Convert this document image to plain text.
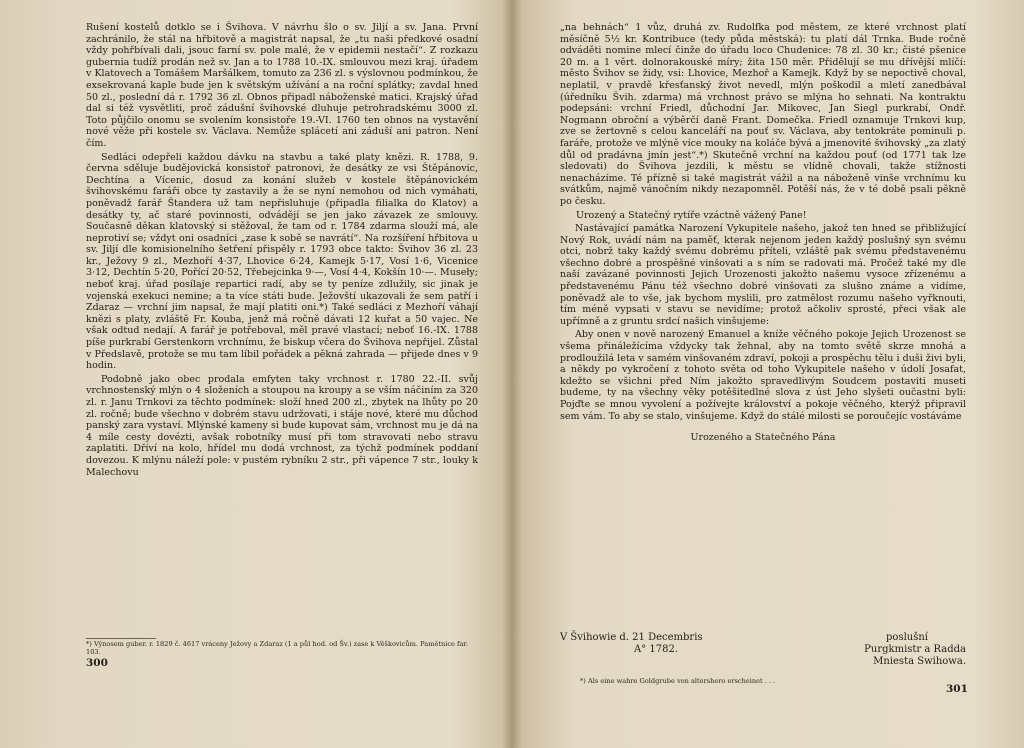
Rušení kostelů dotklo se i Švihova. V návrhu šlo o sv. Jiljí a sv. Jana. První zachránilo, že stál na hřbitově a magistrát napsal, že „tu naši předkové osadní vždy pohřbívali dali, jsouc farní sv. pole malé, že v epidemii nestačí“. Z rozkazu gubernia tudíž prodán než sv. Jan a to 1788 10.-IX. smlouvou mezi kraj. úřadem v Klatovech a Tomášem Maršálkem, tomuto za 236 zl. s výslovnou podmínkou, že exsekrovaná kaple bude jen k světským užívání a na roční splátky; zavdal hned 50 zl., poslední dá r. 1792 36 zl. Obnos připadl náboženské matici. Krajský úřad dal si též vysvětliti, proč zádušní švihovské dluhuje petrohradskému 3000 zl. Toto půjčilo onomu se svolením konsistoře 19.-VI. 1760 ten obnos na vystavění nové věže při kostele sv. Václava. Nemůže splácetí ani záduší ani patron. Není čím.

Sedláci odepřeli každou dávku na stavbu a také platy knězi. R. 1788, 9. června sděluje budějovická konsistoř patronovi, že desátky ze vsi Štěpánovic, Dechtína a Vícenic, dosud za konání služeb v kostele štěpánovickém švihovskému faráři obce ty zastavily a že se nyní nemohou od nich vymáhati, poněvadž farář Štandera už tam nepřisluhuje (připadla filialka do Klatov) a desátky ty, ač staré povinnosti, odvádějí se jen jako závazek ze smlouvy. Současně děkan klatovský si stěžoval, že tam od r. 1784 zdarma slouží má, ale neprotiví se; vždyt oni osadníci „zase k sobě se navrátí“. Na rozšíření hřbitova u sv. Jiljí dle komisionelního šetření přispěly r. 1793 obce takto: Švihov 36 zl. 23 kr., Ježovy 9 zl., Mezhoří 4·37, Lhovice 6·24, Kamejk 5·17, Vosí 1·6, Vicenice 3·12, Dechtín 5·20, Pořící 20·52, Třebejcinka 9·—, Vosí 4·4, Kokšín 10·—. Museły; neboť kraj. úřad posílaje repartici radí, aby se ty peníze zdlužily, sic jinak je vojenská exekuci nemine; a ta více státi bude. Ježovští ukazovali že sem patří i Zdaraz — vrchní jim napsal, že mají platiti oni.*) Také sedláci z Mezhoří váhají knězi s platy, zvláště Fr. Kouba, jenž má ročně dávati 12 kuřat a 50 vajec. Ne však odtud nedají. A farář je potřeboval, měl pravé vlastací; neboť 16.-IX. 1788 píše purkrabí Gerstenkorn vrchnímu, že biskup včera do Švihova nepřijel. Zůstal v Předslavě, protože se mu tam líbil pořádek a pěkná zahrada — přijede dnes v 9 hodin.

Podobně jako obec prodala emfyten taky vrchnost r. 1780 22.-II. svůj vrchnostenský mlýn o 4 složeních a stoupou na kroupy a se vším náčiním za 320 zl. r. Janu Trnkovi za těchto podmínek: složí hned 200 zl., zbytek na lhůty po 20 zl. ročně; bude všechno v dobrém stavu udržovati, i stáje nové, které mu důchod panský zara vystaví. Mlýnské kameny si bude kupovat sám, vrchnost mu je dá na 4 míle cesty dovézti, avšak robotníky musí při tom stravovati nebo stravu zaplatiti. Dříví na kolo, hřídel mu dodá vrchnost, za týchž podmínek poddaní dovezou. K mlýnu náleží pole: v pustém rybníku 2 str., při vápence 7 str., louky k Malechovu

*) Výnosem guber. r. 1829 č. 4617 vráceny Ježovy a Zdaraz (1 a půl hod. od Šv.) zase k Věškovicům. Pamětnice far. 103.
300

„na behnách“ 1 vůz, druhá zv. Rudolfka pod městem, ze které vrchnost platí měsíčně 5½ kr. Kontribuce (tedy půda městská): tu platí dál Trnka. Bude ročně odváděti nomine mlecí činže do úřadu loco Chudenice: 78 zl. 30 kr.; čisté pšenice 20 m. a 1 věrt. dolnorakouské míry; žita 150 měr. Přidělují se mu dřívější mlíčí: město Švihov se židy, vsi: Lhovice, Mezhoř a Kamejk. Když by se nepoctivě choval, neplatil, v pravdě křesťanský život nevedl, mlýn poškodil a mletí zanedbával (úředníku Švih. zdarma) má vrchnost právo se mlýna ho sehnati. Na kontraktu podepsáni: vrchní Friedl, důchodní Jar. Mikovec, Jan Siegl purkrabí, Ondř. Nogmann obroční a výběrčí daně Frant. Domečka. Friedl oznamuje Trnkovi kup, zve se žertovně s celou kanceláří na pouť sv. Václava, aby tentokráte pominuli p. faráře, protože ve mlýně více mouky na koláče bývá a jmenovité švihovský „za zlatý důl od pradávna jmín jest“.*) Skutečně vrchní na každou pouť (od 1771 tak lze sledovati) do Švihova jezdili, k městu se vlídně chovali, takže stížnosti nenacházíme. Té přízně si také magistrát vážil a na náboženě vinše vrchnímu ku svátkům, najmě vánočním nikdy nezapomněl. Potěší nás, že v té době psali pěkně po česku.

Urozený a Statečný rytíře vzáctně vážený Pane!

Nastávající památka Narození Vykupitele našeho, jakož ten hned se přibližující Nový Rok, uvádí nám na paměť, kterak nejenom jeden každý poslušný syn svému otci, nobrž taky každý svému dobrému příteli, vzláště pak svému představenému všechno dobré a prospěšné vinšovati a s ním se radovati má. Pročež také my dle naší zavázané povinnosti Jejich Urozenosti jakožto našemu vysoce zřízenému a představenému Pánu též všechno dobré vinšovati za slušno známe a vidíme, poněvadž ale to vše, jak bychom myslili, pro zatmělost rozumu našeho vyřknouti, tím méně vypsati v stavu se nevidíme; protož ačkoliv sprosté, přeci však ale upřímně a z gruntu srdcí našich vinšujeme:

Aby onen v nově narozený Emanuel a kníže věčného pokoje Jejich Urozenost se všema přináležícíma vždycky tak žehnal, aby na tomto světě skrze mnohá a prodloužilá leta v samém vinšovaném zdraví, pokoji a prospěchu tělu i duši živi byli, a někdy po vykročení z tohoto světa od toho Vykupitele našeho v údolí Josafat, kdežto se všichni před Ním jakožto spravedlivým Soudcem postaviti museti budeme, ty na všechny věky potěšitedlné slova z úst Jeho slyšeti oučastni byli: Pojďte se mnou vyvolení a požívejte království a pokoje věčného, kterýž připravil sem vám. To aby se stalo, vinšujeme. Když do stálé milosti se poroučejíc vostáváme

Urozeného a Statečného Pána
V Švihowie d. 21 Decembris
A° 1782.
poslušní
Purgkmistr a Radda
Mniesta Swihowa.
*) Als eine wahre Goldgrube von altershero erscheinet . . .
301
